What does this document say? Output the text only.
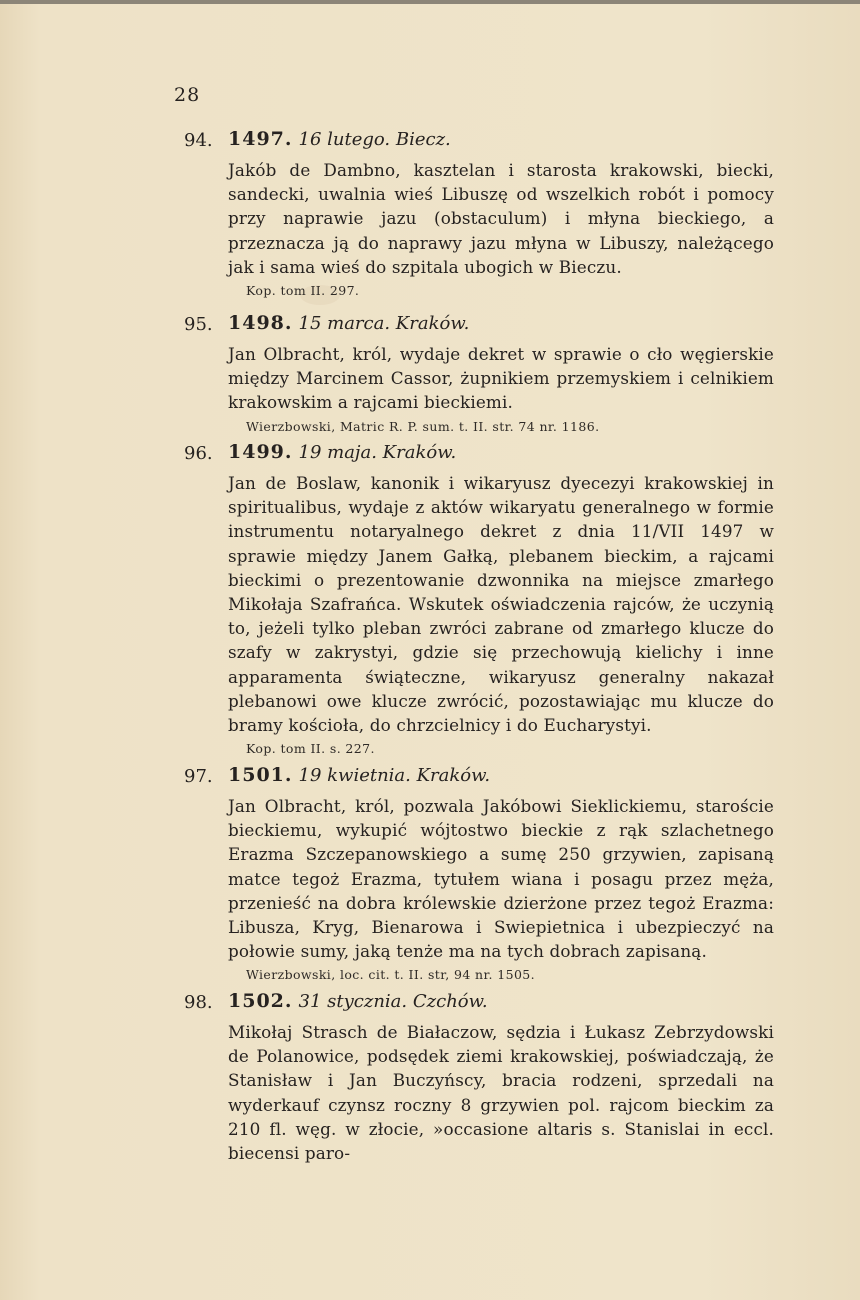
28
94. 1497. 16 lutego. Biecz.
Jakób de Dambno, kasztelan i starosta krakowski, biecki, sandecki, uwalnia wieś Libuszę od wszelkich robót i pomocy przy naprawie jazu (obstaculum) i młyna bieckiego, a przeznacza ją do naprawy jazu młyna w Libuszy, należącego jak i sama wieś do szpitala ubogich w Bieczu.
Kop. tom II. 297.
95. 1498. 15 marca. Kraków.
Jan Olbracht, król, wydaje dekret w sprawie o cło węgierskie między Marcinem Cassor, żupnikiem przemyskiem i celnikiem krakowskim a rajcami bieckiemi.
Wierzbowski, Matric R. P. sum. t. II. str. 74 nr. 1186.
96. 1499. 19 maja. Kraków.
Jan de Boslaw, kanonik i wikaryusz dyecezyi krakowskiej in spiritualibus, wydaje z aktów wikaryatu generalnego w formie instrumentu notaryalnego dekret z dnia 11/VII 1497 w sprawie między Janem Gałką, plebanem bieckim, a rajcami bieckimi o prezentowanie dzwonnika na miejsce zmarłego Mikołaja Szafrańca. Wskutek oświadczenia rajców, że uczynią to, jeżeli tylko pleban zwróci zabrane od zmarłego klucze do szafy w zakrystyi, gdzie się przechowują kielichy i inne apparamenta świąteczne, wikaryusz generalny nakazał plebanowi owe klucze zwrócić, pozostawiając mu klucze do bramy kościoła, do chrzcielnicy i do Eucharystyi.
Kop. tom II. s. 227.
97. 1501. 19 kwietnia. Kraków.
Jan Olbracht, król, pozwala Jakóbowi Sieklickiemu, staroście bieckiemu, wykupić wójtostwo bieckie z rąk szlachetnego Erazma Szczepanowskiego a sumę 250 grzywien, zapisaną matce tegoż Erazma, tytułem wiana i posagu przez męża, przenieść na dobra królewskie dzierżone przez tegoż Erazma: Libusza, Kryg, Bienarowa i Swiepietnica i ubezpieczyć na połowie sumy, jaką tenże ma na tych dobrach zapisaną.
Wierzbowski, loc. cit. t. II. str, 94 nr. 1505.
98. 1502. 31 stycznia. Czchów.
Mikołaj Strasch de Białaczow, sędzia i Łukasz Zebrzydowski de Polanowice, podsędek ziemi krakowskiej, poświadczają, że Stanisław i Jan Buczyńscy, bracia rodzeni, sprzedali na wyderkauf czynsz roczny 8 grzywien pol. rajcom bieckim za 210 fl. węg. w złocie, »occasione altaris s. Stanislai in eccl. biecensi paro-
